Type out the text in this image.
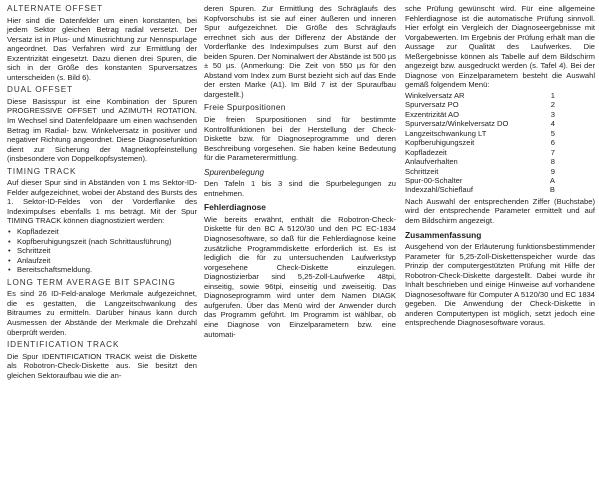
ALTERNATE OFFSET

Hier sind die Datenfelder um einen konstanten, bei jedem Sektor gleichen Betrag radial versetzt. Der Versatz ist in Plus- und Minusrichtung zur Nennspurlage angeordnet. Das Verfahren wird zur Ermittlung der Exzentrizität eingesetzt. Dazu dienen drei Spuren, die sich in der Größe des konstanten Spurversatzes unterscheiden (s. Bild 6).

DUAL OFFSET

Diese Basisspur ist eine Kombination der Spuren PROGRESSIVE OFFSET und AZIMUTH ROTATION. Im Wechsel sind Datenfeldpaare um einen wachsenden Betrag im Radial- bzw. Winkelversatz in positiver und negativer Richtung angeordnet. Diese Diagnosefunktion dient zur Sicherung der Magnetkopfeinstellung (insbesondere von Doppelkopfsystemen).

TIMING TRACK

Auf dieser Spur sind in Abständen von 1 ms Sektor-ID-Felder aufgezeichnet, wobei der Abstand des Bursts des 1. Sektor-ID-Feldes von der Vorderflanke des Indeximpulses ebenfalls 1 ms beträgt. Mit der Spur TIMING TRACK können diagnostiziert werden:

• Kopfladezeit
• Kopfberuhigungszeit (nach Schrittausführung)
• Schrittzeit
• Anlaufzeit
• Bereitschaftsmeldung.
LONG TERM AVERAGE BIT SPACING

Es sind 26 ID-Feld-analoge Merkmale aufgezeichnet, die es gestatten, die Langzeitschwankung des Bitraumes zu ermitteln. Darüber hinaus kann durch Ausmessen der Abstände der Merkmale die Drehzahl überprüft werden.

IDENTIFICATION TRACK

Die Spur IDENTIFICATION TRACK weist die Diskette als Robotron-Check-Diskette aus. Sie besitzt den gleichen Sektoraufbau wie die an-

deren Spuren. Zur Ermittlung des Schräglaufs des Kopfvorschubs ist sie auf einer äußeren und inneren Spur aufgezeichnet. Die Größe des Schräglaufs errechnet sich aus der Differenz der Abstände der Vorderflanke des Indeximpulses zum Burst auf den beiden Spuren. Der Nominalwert der Abstände ist 500 µs ± 50 µs. (Anmerkung: Die Zeit von 550 µs für den Abstand vom Index zum Burst bezieht sich auf das Ende der ersten Marke (A1). Im Bild 7 ist der Spuraufbau dargestellt.)

Freie Spurpositionen

Die freien Spurpositionen sind für bestimmte Kontrollfunktionen bei der Herstellung der Check-Diskette bzw. für Diagnoseprogramme und deren Beschreibung vorgesehen. Sie haben keine Bedeutung für die Parameterermittlung.

Spurenbelegung

Den Tafeln 1 bis 3 sind die Spurbelegungen zu entnehmen.

Fehlerdiagnose

Wie bereits erwähnt, enthält die Robotron-Check-Diskette für den BC A 5120/30 und den PC EC-1834 Diagnosesoftware, so daß für die Fehlerdiagnose keine zusätzliche Programmdiskette erforderlich ist. Es ist lediglich die für zu untersuchenden Laufwerkstyp vorgesehene Check-Diskette einzulegen. Diagnostizierbar sind 5,25-Zoll-Laufwerke 48tpi, einseitig, sowie 96tpi, einseitig und zweiseitig. Das Diagnoseprogramm wird unter dem Namen DIAGK aufgerufen. Über das Menü wird der Anwender durch das Programm geführt. Im Programm ist wählbar, ob eine Diagnose von Einzelparametern bzw. eine automati-

sche Prüfung gewünscht wird. Für eine allgemeine Fehlerdiagnose ist die automatische Prüfung sinnvoll. Hier erfolgt ein Vergleich der Diagnoseergebnisse mit Vorgabewerten. Im Ergebnis der Prüfung erhält man die Aussage zur Qualität des Laufwerkes. Die Meßergebnisse können als Tabelle auf dem Bildschirm angezeigt bzw. ausgedruckt werden (s. Tafel 4). Bei der Diagnose von Einzelparametern besteht die Auswahl gemäß folgendem Menü:

Winkelversatz AR	1
Spurversatz PO	2
Exzentrizität AO	3
Spurversatz/Winkelversatz DO	4
Langzeitschwankung LT	5
Kopfberuhigungszeit	6
Kopfladezeit	7
Anlaufverhalten	8
Schrittzeit	9
Spur-00-Schalter	A
Indexzahl/Schieflauf	B

Nach Auswahl der entsprechenden Ziffer (Buchstabe) wird der entsprechende Parameter ermittelt und auf dem Bildschirm angezeigt.

Zusammenfassung

Ausgehend von der Erläuterung funktionsbestimmender Parameter für 5,25-Zoll-Diskettenspeicher wurde das Prinzip der computergestützten Prüfung mit Hilfe der Robotron-Check-Diskette dargestellt. Dabei wurde ihr Inhalt beschrieben und einige Hinweise auf vorhandene Diagnosesoftware für Computer A 5120/30 und EC 1834 gegeben. Die Anwendung der Check-Diskette in anderen Computertypen ist möglich, setzt jedoch eine entsprechende Diagnosesoftware voraus.
